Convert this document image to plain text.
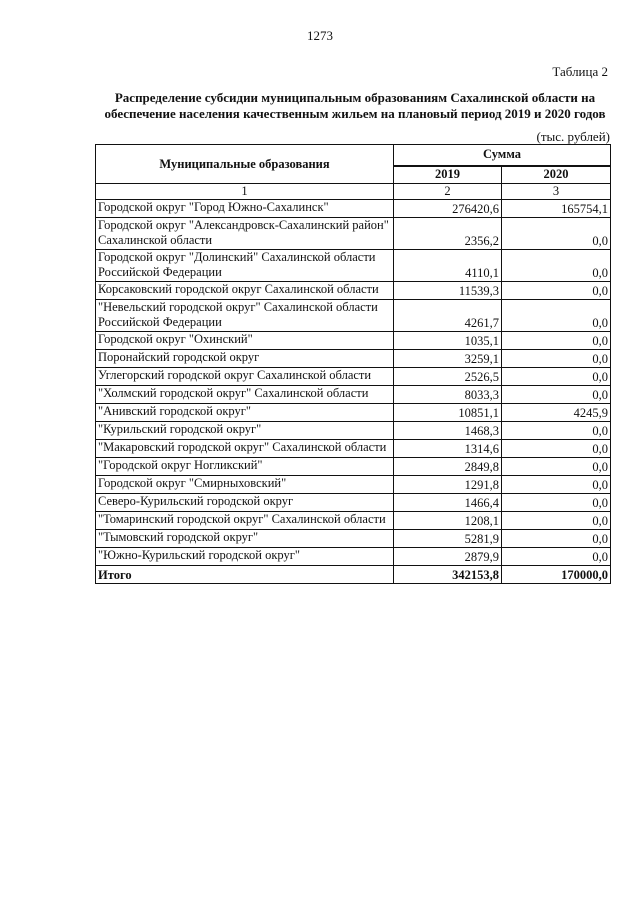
1273
Таблица 2
Распределение субсидии муниципальным образованиям Сахалинской области на
обеспечение населения качественным жильем на плановый период 2019 и 2020 годов
(тыс. рублей)
Муниципальные образования	Сумма	
	2019	2020
1	2	3
Городской округ "Город Южно-Сахалинск"	276420,6	165754,1
Городской округ "Александровск-Сахалинский район" Сахалинской области	2356,2	0,0
Городской округ "Долинский" Сахалинской области Российской Федерации	4110,1	0,0
Корсаковский городской округ Сахалинской области	11539,3	0,0
"Невельский городской округ" Сахалинской области Российской Федерации	4261,7	0,0
Городской округ "Охинский"	1035,1	0,0
Поронайский городской округ	3259,1	0,0
Углегорский городской округ Сахалинской области	2526,5	0,0
"Холмский городской округ" Сахалинской области	8033,3	0,0
"Анивский городской округ"	10851,1	4245,9
"Курильский городской округ"	1468,3	0,0
"Макаровский городской округ" Сахалинской области	1314,6	0,0
"Городской округ Ногликский"	2849,8	0,0
Городской округ "Смирныховский"	1291,8	0,0
Северо-Курильский городской округ	1466,4	0,0
"Томаринский городской округ" Сахалинской области	1208,1	0,0
"Тымовский городской округ"	5281,9	0,0
"Южно-Курильский городской округ"	2879,9	0,0
Итого	342153,8	170000,0
